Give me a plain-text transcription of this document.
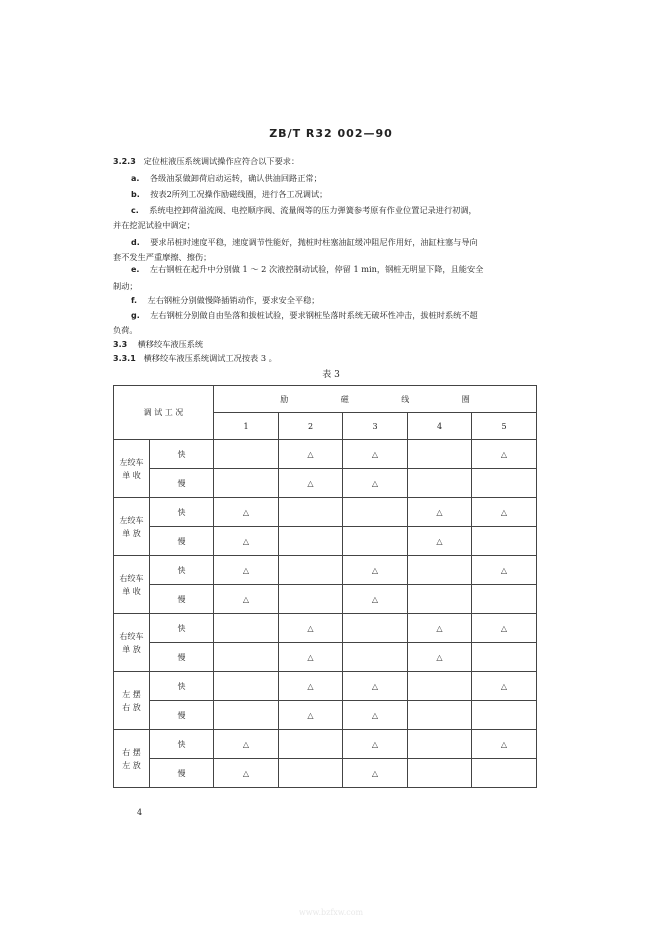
ZB/T R32 002—90
3.2.3 定位桩液压系统调试操作应符合以下要求：
a. 各级油泵做卸荷启动运转，确认供油回路正常；
b. 按表2所列工况操作励磁线圈，进行各工况调试；
c. 系统电控卸荷溢流阀、电控顺序阀、流量阀等的压力弹簧参考原有作业位置记录进行初调，
并在挖泥试验中调定；
d. 要求吊桩时速度平稳，速度调节性能好，抛桩时柱塞油缸缓冲阻尼作用好，油缸柱塞与导向
套不发生严重摩擦、擦伤；
e. 左右钢桩在起升中分别做 1 ～ 2 次液控制动试验，停留 1 min，钢桩无明显下降，且能安全
制动；
f. 左右钢桩分别做慢降插销动作，要求安全平稳；
g. 左右钢桩分别做自由坠落和拔桩试验，要求钢桩坠落时系统无破坏性冲击，拔桩时系统不超
负荷。
3.3 横移绞车液压系统
3.3.1 横移绞车液压系统调试工况按表 3 。
表 3
调 试 工 况		励 磁 线 圈				

		1	2	3	4	5

左绞车
单 收	快		△	△		△
	慢		△	△		

左绞车
单 放	快	△			△	△
	慢	△			△	

右绞车
单 收	快	△		△		△
	慢	△		△		

右绞车
单 放	快		△		△	△
	慢		△		△	

左 摆
右 放	快		△	△		△
	慢		△	△		

右 摆
左 放	快	△		△		△
	慢	△		△		
4
www.bzfxw.com
